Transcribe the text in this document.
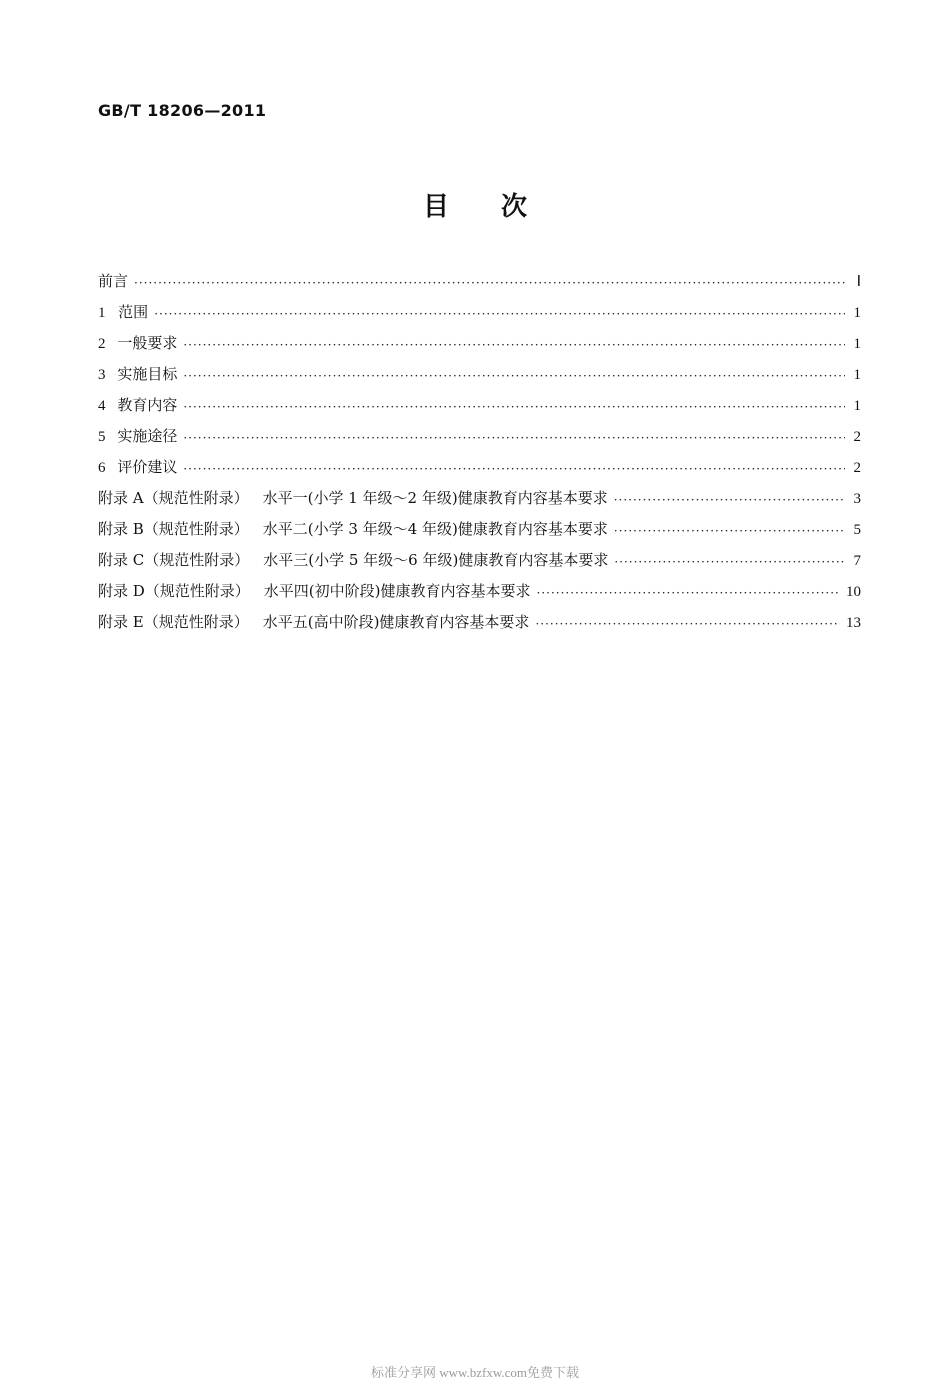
GB/T 18206—2011
目 次
前言 ·····	Ⅰ
1 范围 ·····	1
2 一般要求 ·····	1
3 实施目标 ·····	1
4 教育内容 ·····	1
5 实施途径 ·····	2
6 评价建议 ·····	2
附录 A（规范性附录） 水平一(小学 1 年级～2 年级)健康教育内容基本要求 ·····	3
附录 B（规范性附录） 水平二(小学 3 年级～4 年级)健康教育内容基本要求 ·····	5
附录 C（规范性附录） 水平三(小学 5 年级～6 年级)健康教育内容基本要求 ·····	7
附录 D（规范性附录） 水平四(初中阶段)健康教育内容基本要求 ·····	10
附录 E（规范性附录） 水平五(高中阶段)健康教育内容基本要求 ·····	13
标准分享网 www.bzfxw.com免费下载
